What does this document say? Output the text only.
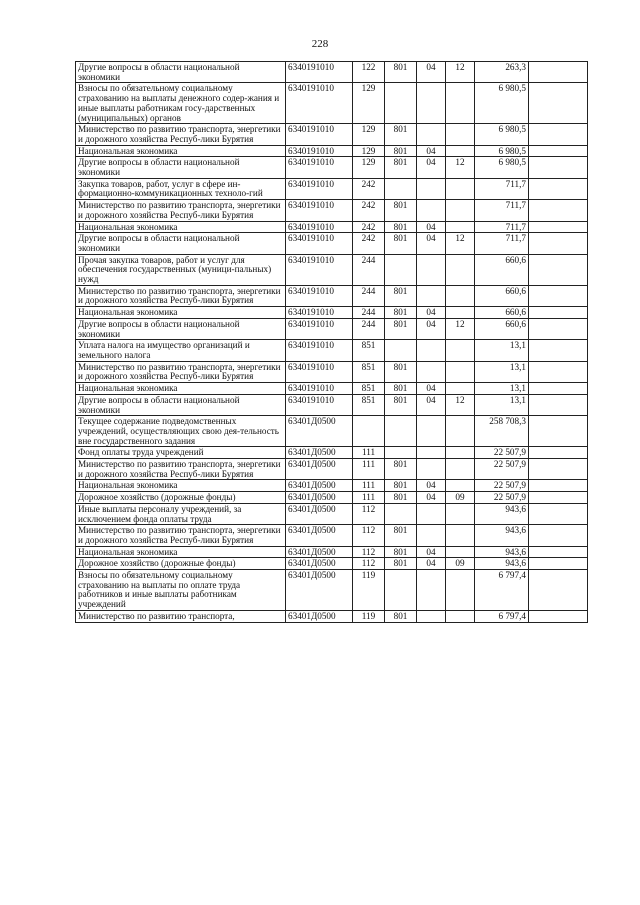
228
Другие вопросы в области национальной экономики	6340191010	122	801	04	12	263,3	
Взносы по обязательному социальному страхованию на выплаты денежного содер-жания и иные выплаты работникам госу-дарственных (муниципальных) органов	6340191010	129				6 980,5	
Министерство по развитию транспорта, энергетики и дорожного хозяйства Респуб-лики Бурятия	6340191010	129	801			6 980,5	
Национальная экономика	6340191010	129	801	04		6 980,5	
Другие вопросы в области национальной экономики	6340191010	129	801	04	12	6 980,5	
Закупка товаров, работ, услуг в сфере ин-формационно-коммуникационных техноло-гий	6340191010	242				711,7	
Министерство по развитию транспорта, энергетики и дорожного хозяйства Респуб-лики Бурятия	6340191010	242	801			711,7	
Национальная экономика	6340191010	242	801	04		711,7	
Другие вопросы в области национальной экономики	6340191010	242	801	04	12	711,7	
Прочая закупка товаров, работ и услуг для обеспечения государственных (муници-пальных) нужд	6340191010	244				660,6	
Министерство по развитию транспорта, энергетики и дорожного хозяйства Респуб-лики Бурятия	6340191010	244	801			660,6	
Национальная экономика	6340191010	244	801	04		660,6	
Другие вопросы в области национальной экономики	6340191010	244	801	04	12	660,6	
Уплата налога на имущество организаций и земельного налога	6340191010	851				13,1	
Министерство по развитию транспорта, энергетики и дорожного хозяйства Респуб-лики Бурятия	6340191010	851	801			13,1	
Национальная экономика	6340191010	851	801	04		13,1	
Другие вопросы в области национальной экономики	6340191010	851	801	04	12	13,1	
Текущее содержание подведомственных учреждений, осуществляющих свою дея-тельность вне государственного задания	63401Д0500					258 708,3	
Фонд оплаты труда учреждений	63401Д0500	111				22 507,9	
Министерство по развитию транспорта, энергетики и дорожного хозяйства Респуб-лики Бурятия	63401Д0500	111	801			22 507,9	
Национальная экономика	63401Д0500	111	801	04		22 507,9	
Дорожное хозяйство (дорожные фонды)	63401Д0500	111	801	04	09	22 507,9	
Иные выплаты персоналу учреждений, за исключением фонда оплаты труда	63401Д0500	112				943,6	
Министерство по развитию транспорта, энергетики и дорожного хозяйства Респуб-лики Бурятия	63401Д0500	112	801			943,6	
Национальная экономика	63401Д0500	112	801	04		943,6	
Дорожное хозяйство (дорожные фонды)	63401Д0500	112	801	04	09	943,6	
Взносы по обязательному социальному страхованию на выплаты по оплате труда работников и иные выплаты работникам учреждений	63401Д0500	119				6 797,4	
Министерство по развитию транспорта,	63401Д0500	119	801			6 797,4	
